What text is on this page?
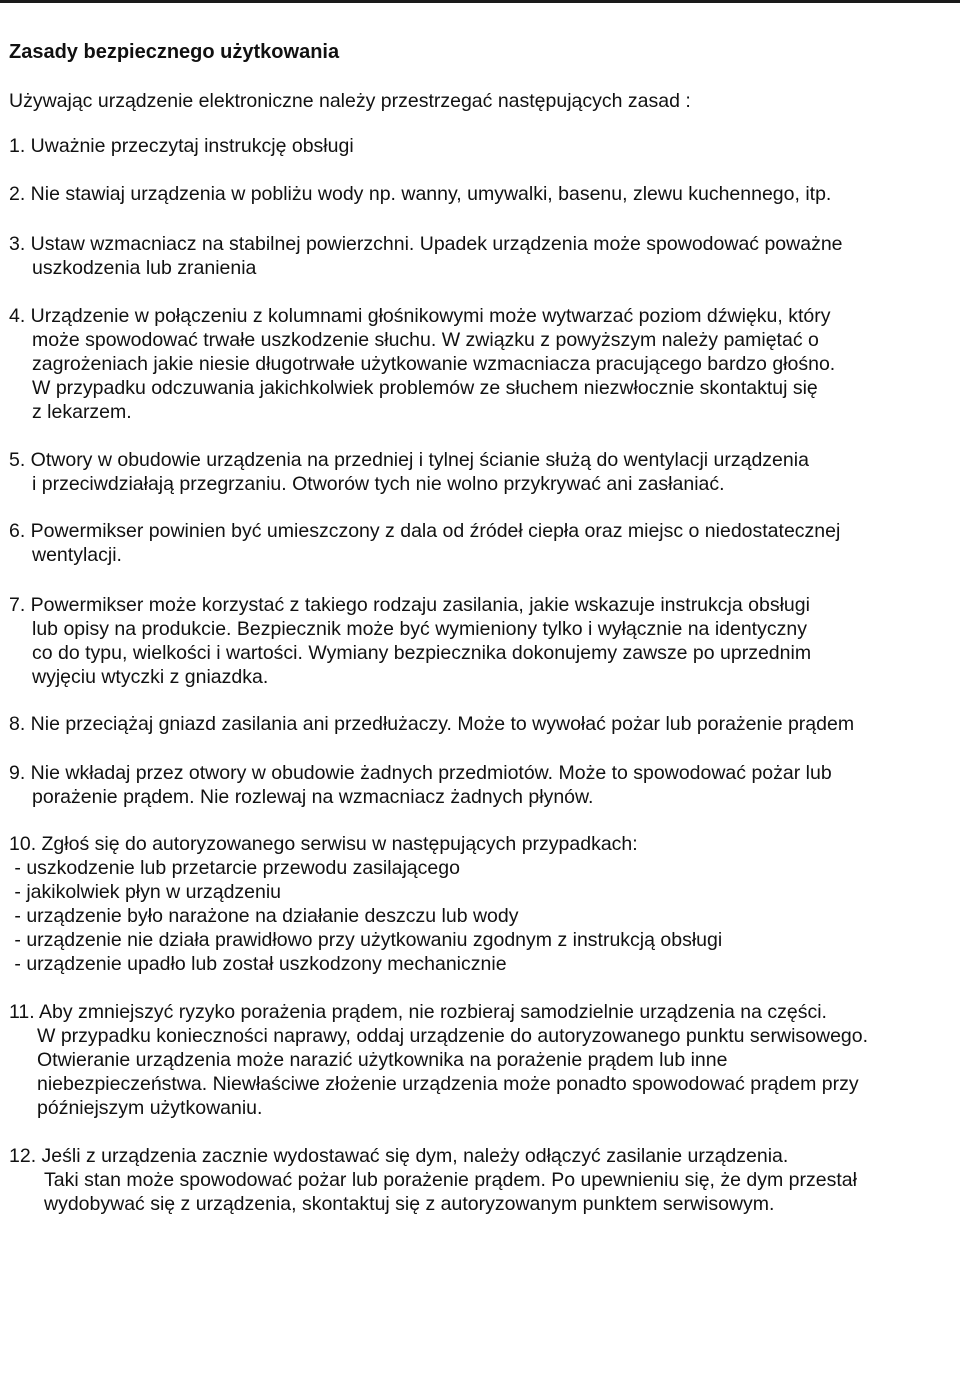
Zasady bezpiecznego użytkowania
Używając urządzenie elektroniczne należy przestrzegać następujących zasad :
1. Uważnie przeczytaj instrukcję obsługi
2. Nie stawiaj urządzenia w pobliżu wody np. wanny, umywalki, basenu, zlewu kuchennego, itp.
3. Ustaw wzmacniacz na stabilnej powierzchni. Upadek urządzenia może spowodować poważne
uszkodzenia lub zranienia
4. Urządzenie w połączeniu z kolumnami głośnikowymi może wytwarzać poziom dźwięku, który
może spowodować trwałe uszkodzenie słuchu. W związku z powyższym należy pamiętać o
zagrożeniach jakie niesie długotrwałe użytkowanie wzmacniacza pracującego bardzo głośno.
W przypadku odczuwania jakichkolwiek problemów ze słuchem niezwłocznie skontaktuj się
z lekarzem.
5. Otwory w obudowie urządzenia na przedniej i tylnej ścianie służą do wentylacji urządzenia
i przeciwdziałają przegrzaniu. Otworów tych nie wolno przykrywać ani zasłaniać.
6. Powermikser powinien być umieszczony z dala od źródeł ciepła oraz miejsc o niedostatecznej
wentylacji.
7. Powermikser może korzystać z takiego rodzaju zasilania, jakie wskazuje instrukcja obsługi
lub opisy na produkcie. Bezpiecznik może być wymieniony tylko i wyłącznie na identyczny
co do typu, wielkości i wartości. Wymiany bezpiecznika dokonujemy zawsze po uprzednim
wyjęciu wtyczki z gniazdka.
8. Nie przeciążaj gniazd zasilania ani przedłużaczy. Może to wywołać pożar lub porażenie prądem
9. Nie wkładaj przez otwory w obudowie żadnych przedmiotów. Może to spowodować pożar lub
porażenie prądem. Nie rozlewaj na wzmacniacz żadnych płynów.
10. Zgłoś się do autoryzowanego serwisu w następujących przypadkach:
- uszkodzenie lub przetarcie przewodu zasilającego
- jakikolwiek płyn w urządzeniu
- urządzenie było narażone na działanie deszczu lub wody
- urządzenie nie działa prawidłowo przy użytkowaniu zgodnym z instrukcją obsługi
- urządzenie upadło lub został uszkodzony mechanicznie
11. Aby zmniejszyć ryzyko porażenia prądem, nie rozbieraj samodzielnie urządzenia na części.
W przypadku konieczności naprawy, oddaj urządzenie do autoryzowanego punktu serwisowego.
Otwieranie urządzenia może narazić użytkownika na porażenie prądem lub inne
niebezpieczeństwa. Niewłaściwe złożenie urządzenia może ponadto spowodować prądem przy
późniejszym użytkowaniu.
12. Jeśli z urządzenia zacznie wydostawać się dym, należy odłączyć zasilanie urządzenia.
Taki stan może spowodować pożar lub porażenie prądem. Po upewnieniu się, że dym przestał
wydobywać się z urządzenia, skontaktuj się z autoryzowanym punktem serwisowym.
